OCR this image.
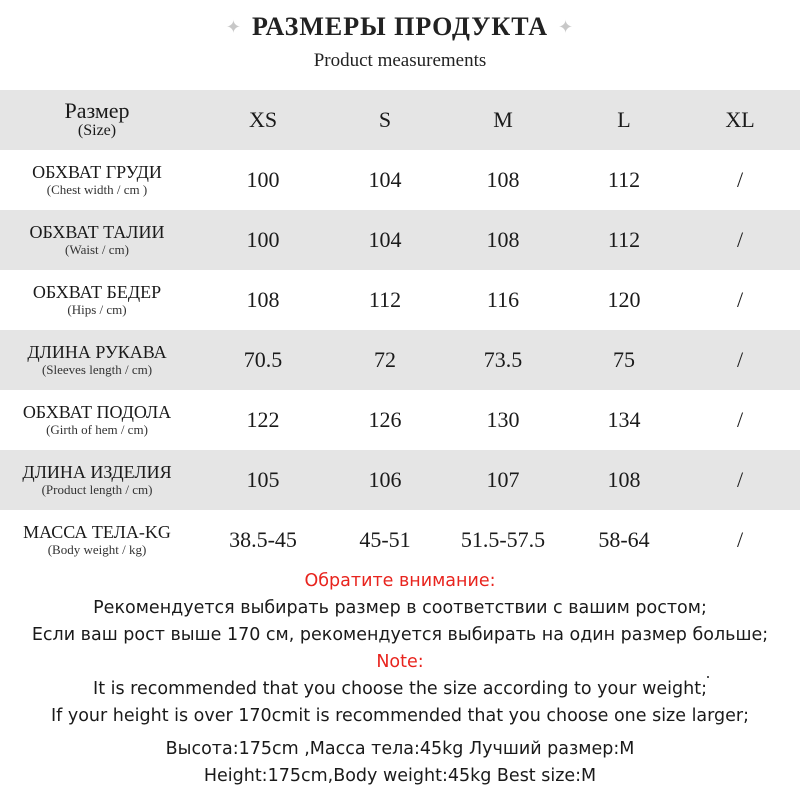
✦ РАЗМЕРЫ ПРОДУКТА ✦
Product measurements
Размер
(Size)	XS	S	M	L	XL

ОБХВАТ ГРУДИ
(Chest width / cm )	100	104	108	112	/

ОБХВАТ ТАЛИИ
(Waist / cm)	100	104	108	112	/

ОБХВАТ БЕДЕР
(Hips / cm)	108	112	116	120	/

ДЛИНА РУКАВА
(Sleeves length / cm)	70.5	72	73.5	75	/

ОБХВАТ ПОДОЛА
(Girth of hem / cm)	122	126	130	134	/

ДЛИНА ИЗДЕЛИЯ
(Product length / cm)	105	106	107	108	/

МАССА ТЕЛА-KG
(Body weight / kg)	38.5-45	45-51	51.5-57.5	58-64	/
Обратите внимание:
Рекомендуется выбирать размер в соответствии с вашим ростом;
Если ваш рост выше 170 см, рекомендуется выбирать на один размер больше;
Note:
It is recommended that you choose the size according to your weight;
If your height is over 170cmit is recommended that you choose one size larger;
Высота:175cm ,Масса тела:45kg Лучший размер:M
Height:175cm,Body weight:45kg Best size:M
